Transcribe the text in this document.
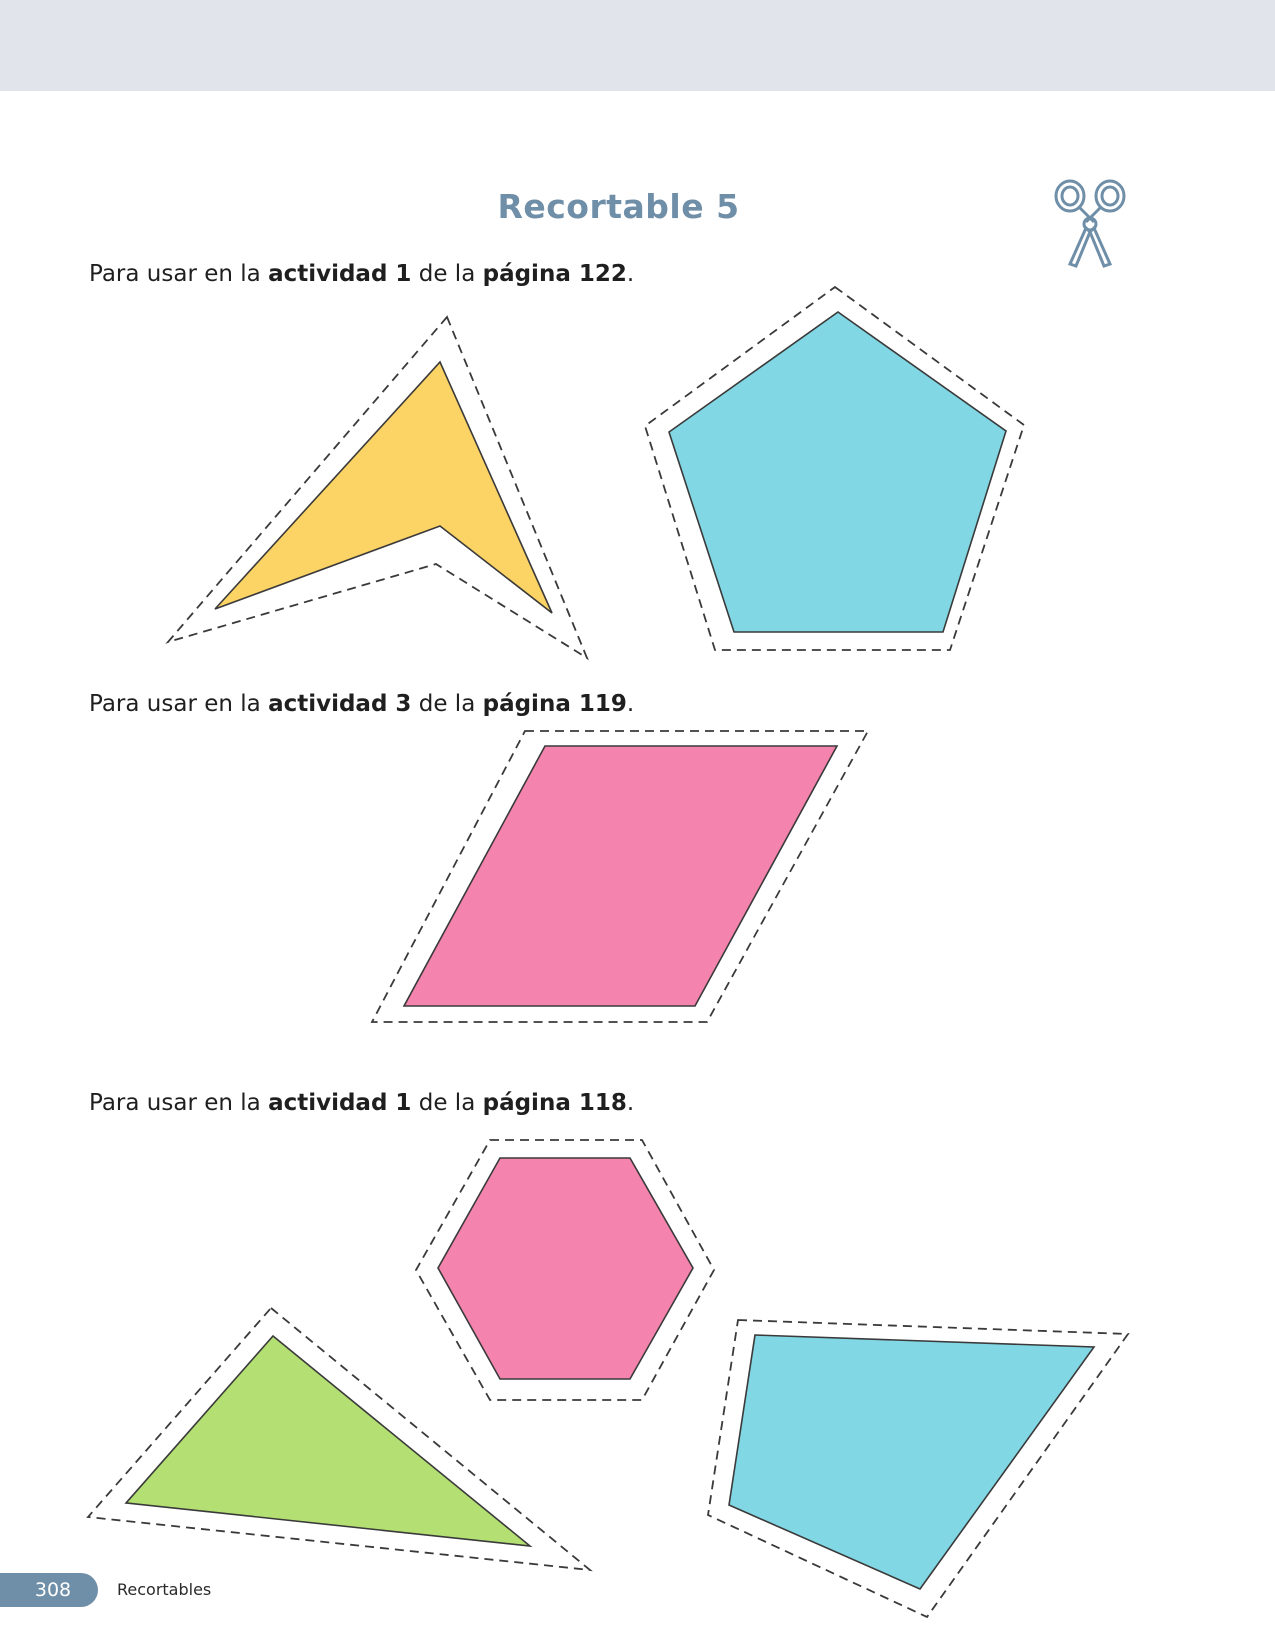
Recortable 5
Para usar en la actividad 1 de la página 122.
Para usar en la actividad 3 de la página 119.
Para usar en la actividad 1 de la página 118.
308	Recortables
